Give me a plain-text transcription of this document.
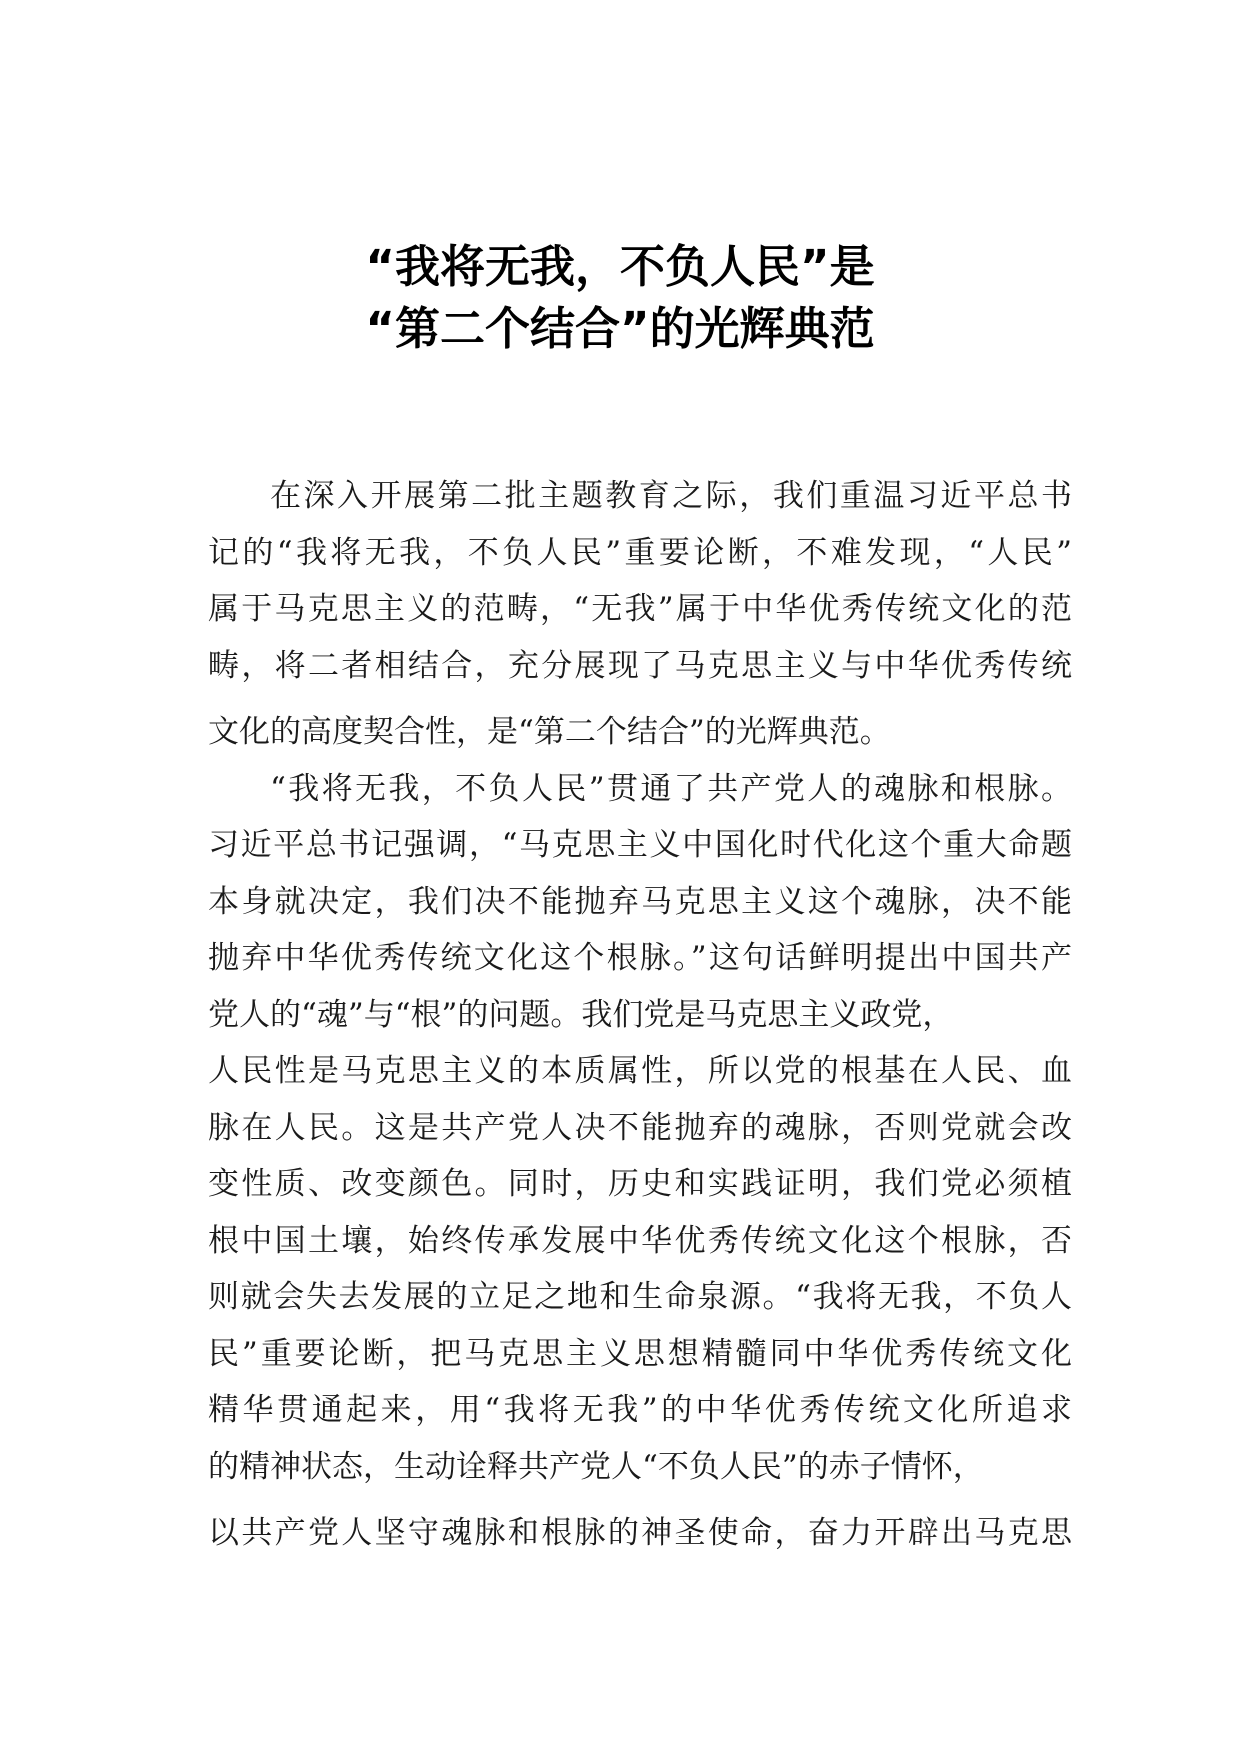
“我将无我，不负人民”是
“第二个结合”的光辉典范
在深入开展第二批主题教育之际，我们重温习近平总书
记的“我将无我，不负人民”重要论断，不难发现，“人民”
属于马克思主义的范畴，“无我”属于中华优秀传统文化的范
畴，将二者相结合，充分展现了马克思主义与中华优秀传统
文化的高度契合性，是“第二个结合”的光辉典范。
“我将无我，不负人民”贯通了共产党人的魂脉和根脉。
习近平总书记强调，“马克思主义中国化时代化这个重大命题
本身就决定，我们决不能抛弃马克思主义这个魂脉，决不能
抛弃中华优秀传统文化这个根脉。”这句话鲜明提出中国共产
党人的“魂”与“根”的问题。我们党是马克思主义政党，
人民性是马克思主义的本质属性，所以党的根基在人民、血
脉在人民。这是共产党人决不能抛弃的魂脉，否则党就会改
变性质、改变颜色。同时，历史和实践证明，我们党必须植
根中国土壤，始终传承发展中华优秀传统文化这个根脉，否
则就会失去发展的立足之地和生命泉源。“我将无我，不负人
民”重要论断，把马克思主义思想精髓同中华优秀传统文化
精华贯通起来，用“我将无我”的中华优秀传统文化所追求
的精神状态，生动诠释共产党人“不负人民”的赤子情怀，
以共产党人坚守魂脉和根脉的神圣使命，奋力开辟出马克思
